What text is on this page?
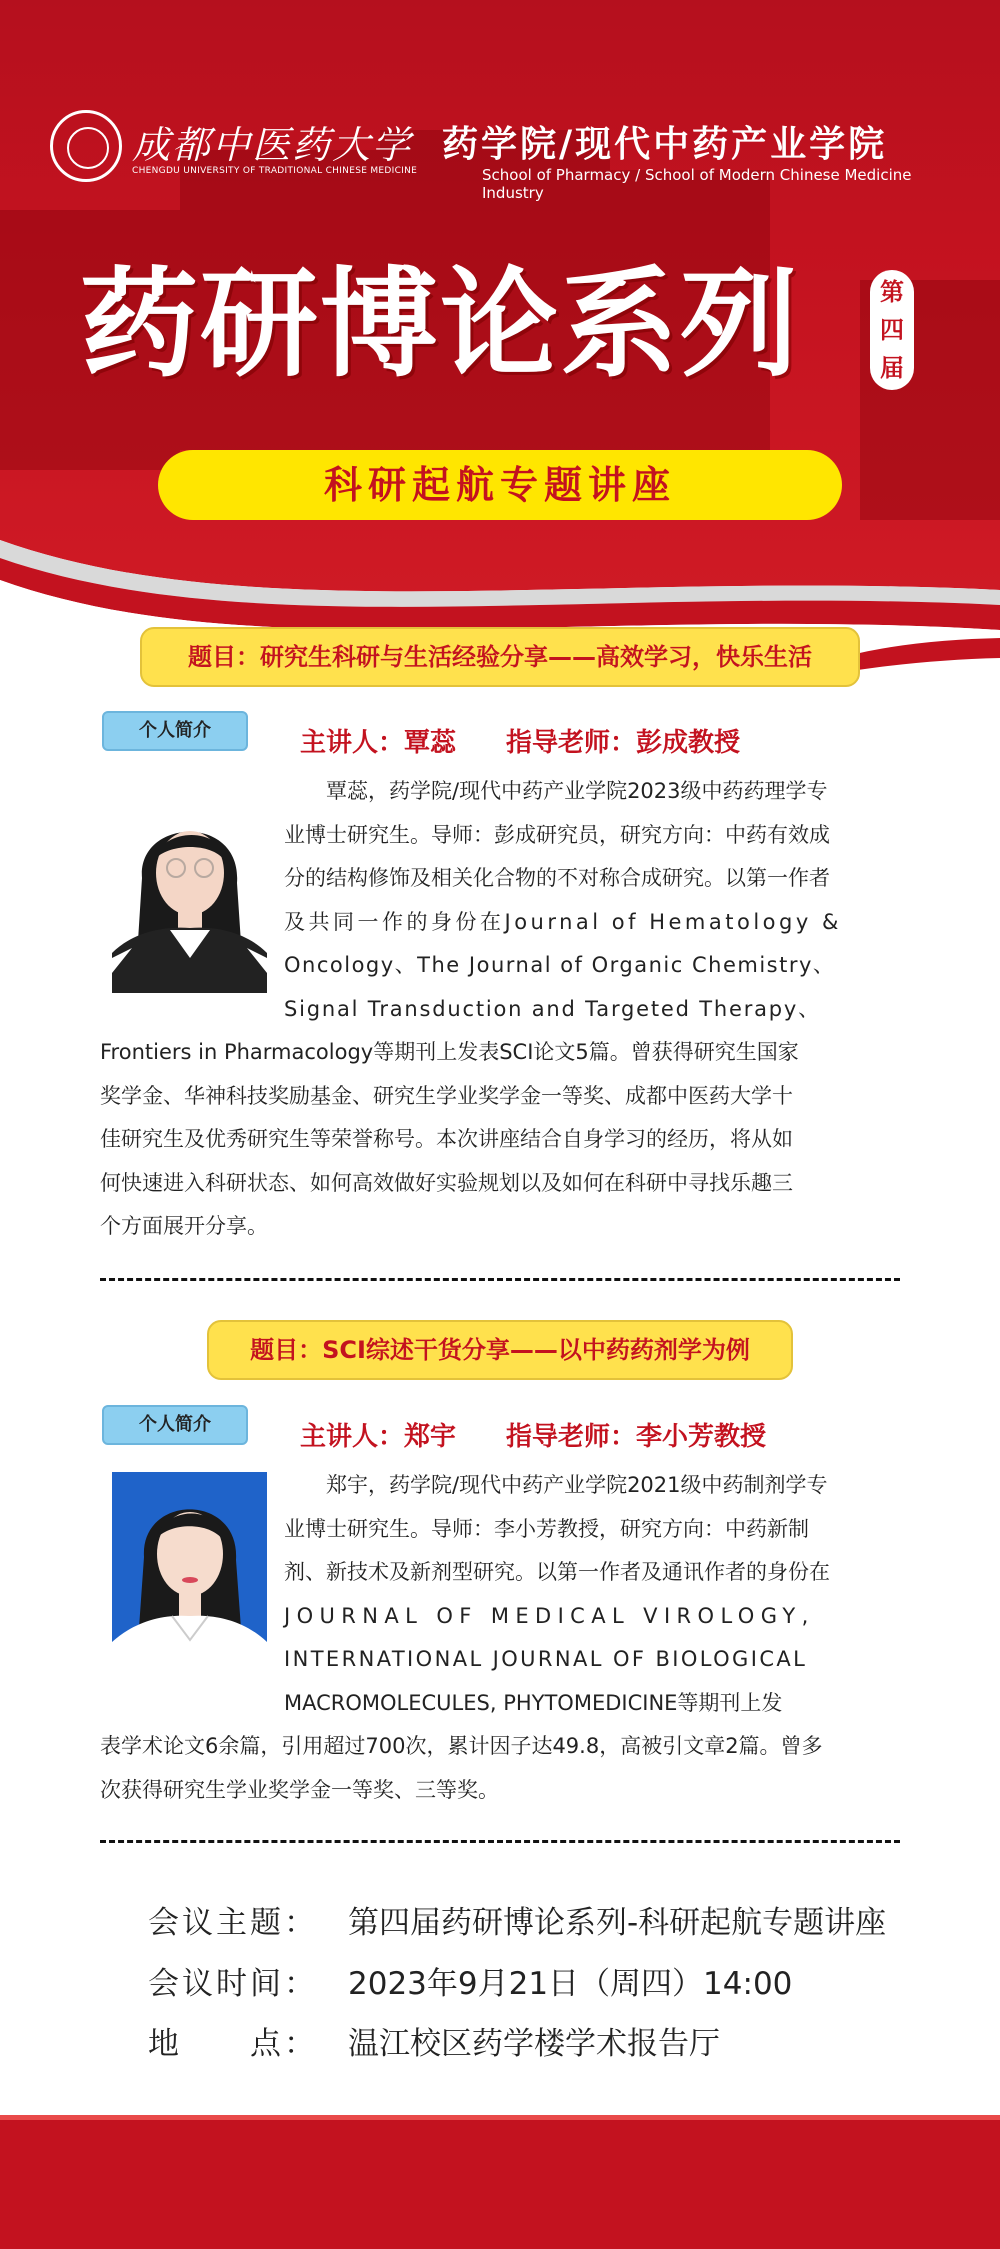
成都中医药大学
CHENGDU UNIVERSITY OF TRADITIONAL CHINESE MEDICINE
药学院/现代中药产业学院
School of Pharmacy / School of Modern Chinese Medicine Industry
药研博论系列	第
四
届
科研起航专题讲座
题目：研究生科研与生活经验分享——高效学习，快乐生活
个人简介	主讲人：覃蕊 指导老师：彭成教授

覃蕊，药学院/现代中药产业学院2023级中药药理学专

业博士研究生。导师：彭成研究员，研究方向：中药有效成

分的结构修饰及相关化合物的不对称合成研究。以第一作者

及共同一作的身份在Journal of Hematology &

Oncology、The Journal of Organic Chemistry、

Signal Transduction and Targeted Therapy、

Frontiers in Pharmacology等期刊上发表SCI论文5篇。曾获得研究生国家

奖学金、华神科技奖励基金、研究生学业奖学金一等奖、成都中医药大学十

佳研究生及优秀研究生等荣誉称号。本次讲座结合自身学习的经历，将从如

何快速进入科研状态、如何高效做好实验规划以及如何在科研中寻找乐趣三

个方面展开分享。

题目：SCI综述干货分享——以中药药剂学为例
个人简介	主讲人：郑宇 指导老师：李小芳教授

郑宇，药学院/现代中药产业学院2021级中药制剂学专

业博士研究生。导师：李小芳教授，研究方向：中药新制

剂、新技术及新剂型研究。以第一作者及通讯作者的身份在

JOURNAL OF MEDICAL VIROLOGY,

INTERNATIONAL JOURNAL OF BIOLOGICAL

MACROMOLECULES, PHYTOMEDICINE等期刊上发

表学术论文6余篇，引用超过700次，累计因子达49.8，高被引文章2篇。曾多

次获得研究生学业奖学金一等奖、三等奖。

会议主题： 第四届药研博论系列-科研起航专题讲座
会议时间： 2023年9月21日（周四）14:00
地　　点： 温江校区药学楼学术报告厅
